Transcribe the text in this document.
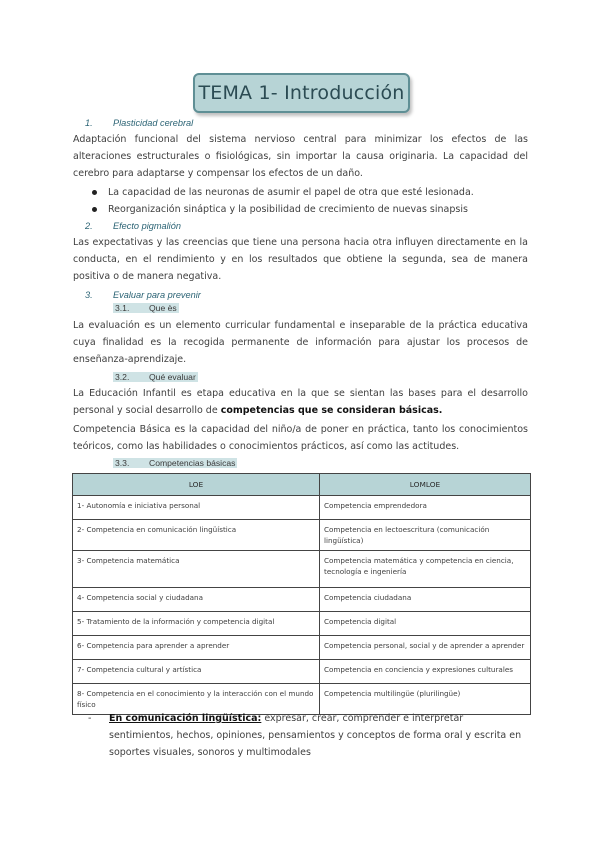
TEMA 1- Introducción
1. Plasticidad cerebral
Adaptación funcional del sistema nervioso central para minimizar los efectos de las alteraciones estructurales o fisiológicas, sin importar la causa originaria. La capacidad del cerebro para adaptarse y compensar los efectos de un daño.
La capacidad de las neuronas de asumir el papel de otra que esté lesionada.
Reorganización sináptica y la posibilidad de crecimiento de nuevas sinapsis
2. Efecto pigmalión
Las expectativas y las creencias que tiene una persona hacia otra influyen directamente en la conducta, en el rendimiento y en los resultados que obtiene la segunda, sea de manera positiva o de manera negativa.
3. Evaluar para prevenir
3.1. Que ès
La evaluación es un elemento curricular fundamental e inseparable de la práctica educativa cuya finalidad es la recogida permanente de información para ajustar los procesos de enseñanza-aprendizaje.
3.2. Qué evaluar
La Educación Infantil es etapa educativa en la que se sientan las bases para el desarrollo personal y social desarrollo de competencias que se consideran básicas.
Competencia Básica es la capacidad del niño/a de poner en práctica, tanto los conocimientos teóricos, como las habilidades o conocimientos prácticos, así como las actitudes.
3.3. Competencias básicas
LOE	LOMLOE
1- Autonomía e iniciativa personal	Competencia emprendedora
2- Competencia en comunicación lingüística	Competencia en lectoescritura (comunicación lingüística)
3- Competencia matemática	Competencia matemática y competencia en ciencia, tecnología e ingeniería
4- Competencia social y ciudadana	Competencia ciudadana
5- Tratamiento de la información y competencia digital	Competencia digital
6- Competencia para aprender a aprender	Competencia personal, social y de aprender a aprender
7- Competencia cultural y artística	Competencia en conciencia y expresiones culturales
8- Competencia en el conocimiento y la interacción con el mundo físico	Competencia multilingüe (plurilingüe)
-	En comunicación lingüística: expresar, crear, comprender e interpretar sentimientos, hechos, opiniones, pensamientos y conceptos de forma oral y escrita en soportes visuales, sonoros y multimodales
